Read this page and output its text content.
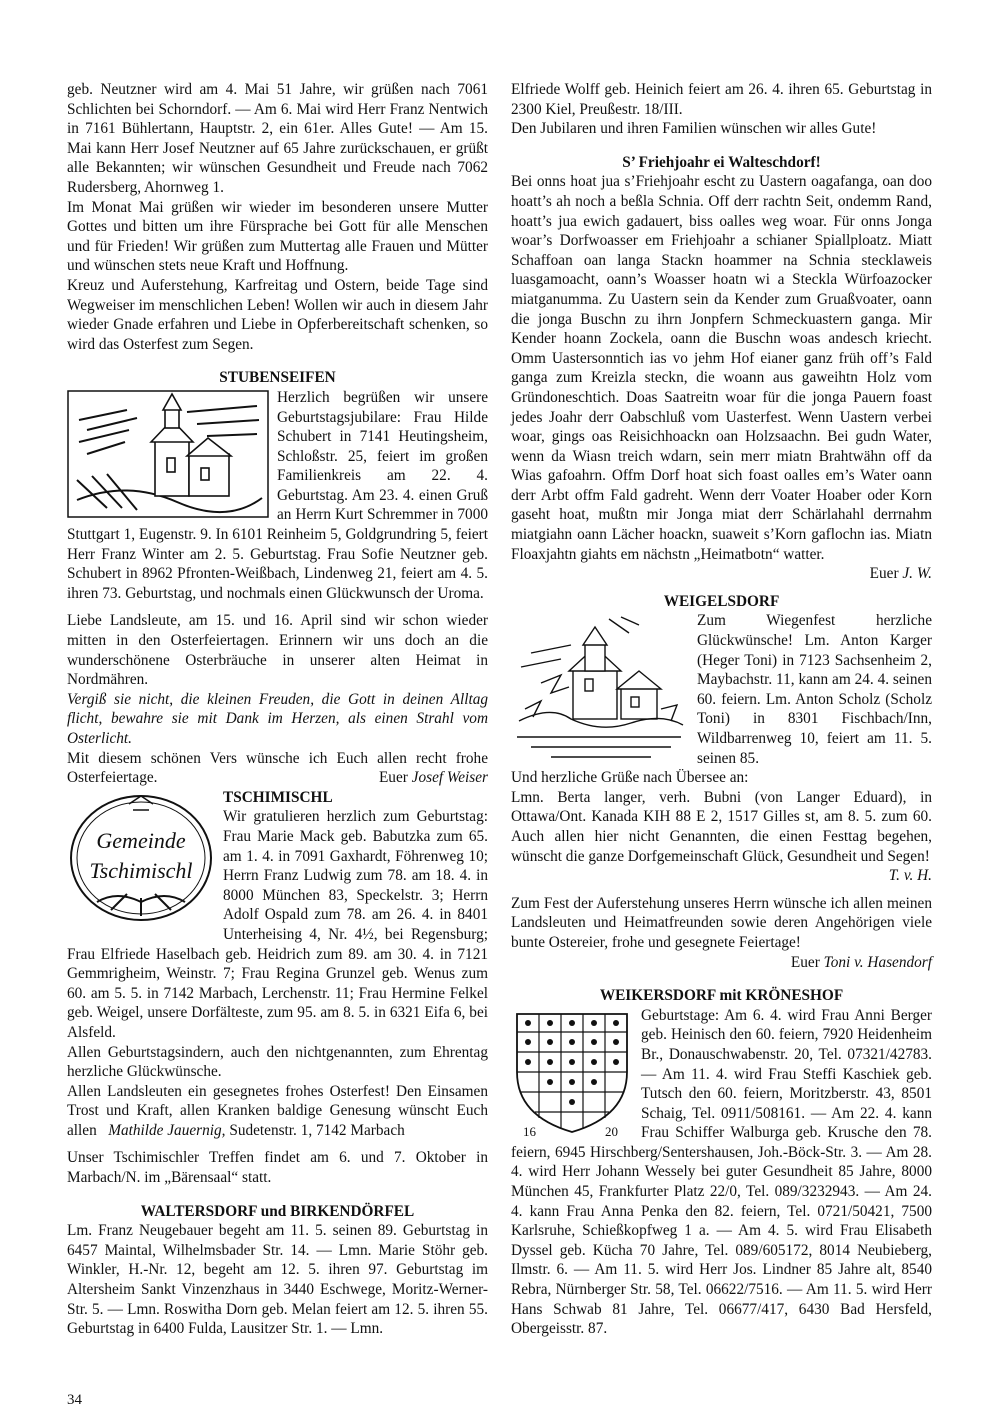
geb. Neutzner wird am 4. Mai 51 Jahre, wir grüßen nach 7061 Schlichten bei Schorndorf. — Am 6. Mai wird Herr Franz Nentwich in 7161 Bühlertann, Hauptstr. 2, ein 61er. Alles Gute! — Am 15. Mai kann Herr Josef Neutzner auf 65 Jahre zurückschauen, er grüßt alle Bekannten; wir wünschen Gesundheit und Freude nach 7062 Rudersberg, Ahornweg 1.

Im Monat Mai grüßen wir wieder im besonderen unsere Mutter Gottes und bitten um ihre Fürsprache bei Gott für alle Menschen und für Frieden! Wir grüßen zum Muttertag alle Frauen und Mütter und wünschen stets neue Kraft und Hoffnung.

Kreuz und Auferstehung, Karfreitag und Ostern, beide Tage sind Wegweiser im menschlichen Leben! Wollen wir auch in diesem Jahr wieder Gnade erfahren und Liebe in Opferbereitschaft schenken, so wird das Osterfest zum Segen.

STUBENSEIFEN

Herzlich begrüßen wir unsere Geburtstagsjubilare: Frau Hilde Schubert in 7141 Heutingsheim, Schloßstr. 25, feiert im großen Familienkreis am 22. 4. Geburtstag. Am 23. 4. einen Gruß an Herrn Kurt Schremmer in 7000 Stuttgart 1, Eugenstr. 9. In 6101 Reinheim 5, Goldgrundring 5, feiert Herr Franz Winter am 2. 5. Geburtstag. Frau Sofie Neutzner geb. Schubert in 8962 Pfronten-Weißbach, Lindenweg 21, feiert am 4. 5. ihren 73. Geburtstag, und nochmals einen Glückwunsch der Uroma.

Liebe Landsleute, am 15. und 16. April sind wir schon wieder mitten in den Osterfeiertagen. Erinnern wir uns doch an die wunderschönene Osterbräuche in unserer alten Heimat in Nordmähren.

Vergiß sie nicht, die kleinen Freuden, die Gott in deinen Alltag flicht, bewahre sie mit Dank im Herzen, als einen Strahl vom Osterlicht.

Mit diesem schönen Vers wünsche ich Euch allen recht frohe Osterfeiertage.	Euer Josef Weiser

Gemeinde
Tschimischl

TSCHIMISCHL

Wir gratulieren herzlich zum Geburtstag: Frau Marie Mack geb. Babutzka zum 65. am 1. 4. in 7091 Gaxhardt, Föhrenweg 10; Herrn Franz Ludwig zum 78. am 18. 4. in 8000 München 83, Speckelstr. 3; Herrn Adolf Ospald zum 78. am 26. 4. in 8401 Unterheising 4, Nr. 4½, bei Regensburg; Frau Elfriede Haselbach geb. Heidrich zum 89. am 30. 4. in 7121 Gemmrigheim, Weinstr. 7; Frau Regina Grunzel geb. Wenus zum 60. am 5. 5. in 7142 Marbach, Lerchenstr. 11; Frau Hermine Felkel geb. Weigel, unsere Dorfälteste, zum 95. am 8. 5. in 6321 Eifa 6, bei Alsfeld.

Allen Geburtstagsindern, auch den nichtgenannten, zum Ehrentag herzliche Glückwünsche.

Allen Landsleuten ein gesegnetes frohes Osterfest! Den Einsamen Trost und Kraft, allen Kranken baldige Genesung wünscht Euch allen Mathilde Jauernig, Sudetenstr. 1, 7142 Marbach

Unser Tschimischler Treffen findet am 6. und 7. Oktober in Marbach/N. im „Bärensaal“ statt.

WALTERSDORF und BIRKENDÖRFEL

Lm. Franz Neugebauer begeht am 11. 5. seinen 89. Geburtstag in 6457 Maintal, Wilhelmsbader Str. 14. — Lmn. Marie Stöhr geb. Winkler, H.-Nr. 12, begeht am 12. 5. ihren 97. Geburtstag im Altersheim Sankt Vinzenzhaus in 3440 Eschwege, Moritz-Werner-Str. 5. — Lmn. Roswitha Dorn geb. Melan feiert am 12. 5. ihren 55. Geburtstag in 6400 Fulda, Lausitzer Str. 1. — Lmn.

Elfriede Wolff geb. Heinich feiert am 26. 4. ihren 65. Geburtstag in 2300 Kiel, Preußestr. 18/III.

Den Jubilaren und ihren Familien wünschen wir alles Gute!

S’ Friehjoahr ei Walteschdorf!

Bei onns hoat jua s’Friehjoahr escht zu Uastern oagafanga, oan doo hoatt’s ah noch a beßla Schnia. Off derr rachtn Seit, ondemm Rand, hoatt’s jua ewich gadauert, biss oalles weg woar. Für onns Jonga woar’s Dorfwoasser em Friehjoahr a schianer Spiallploatz. Miatt Schaffoan oan langa Stackn hoammer na Schnia stecklaweis luasgamoacht, oann’s Woasser hoatn wi a Steckla Würfoazocker miatganumma. Zu Uastern sein da Kender zum Gruaßvoater, oann die jonga Buschn zu ihrn Jonpfern Schmeckuastern ganga. Mir Kender hoann Zockela, oann die Buschn woas andesch kriecht. Omm Uastersonntich ias vo jehm Hof eianer ganz früh off’s Fald ganga zum Kreizla steckn, die woann aus gaweihtn Holz vom Gründoneschtich. Doas Saatreitn woar für die jonga Pauern foast jedes Joahr derr Oabschluß vom Uasterfest. Wenn Uastern verbei woar, gings oas Reisichhoackn oan Holzsaachn. Bei gudn Water, wenn da Wiasn treich wdarn, sein merr miatn Brahtwähn off da Wias gafoahrn. Offm Dorf hoat sich foast oalles em’s Water oann derr Arbt offm Fald gadreht. Wenn derr Voater Hoaber oder Korn gaseht hoat, mußtn mir Jonga miat derr Schärlahahl derrnahm miatgiahn oann Lächer hoackn, suaweit s’Korn gaflochn ias. Miatn Floaxjahtn giahts em nächstn „Heimatbotn“ watter.

Euer J. W.

WEIGELSDORF

Zum Wiegenfest herzliche Glückwünsche! Lm. Anton Karger (Heger Toni) in 7123 Sachsenheim 2, Maybachstr. 11, kann am 24. 4. seinen 60. feiern. Lm. Anton Scholz (Scholz Toni) in 8301 Fischbach/Inn, Wildbarrenweg 10, feiert am 11. 5. seinen 85.

Und herzliche Grüße nach Übersee an:

Lmn. Berta langer, verh. Bubni (von Langer Eduard), in Ottawa/Ont. Kanada KIH 88 E 2, 1517 Gilles st, am 8. 5. zum 60. Auch allen hier nicht Genannten, die einen Festtag begehen, wünscht die ganze Dorfgemeinschaft Glück, Gesundheit und Segen!
T. v. H.

Zum Fest der Auferstehung unseres Herrn wünsche ich allen meinen Landsleuten und Heimatfreunden sowie deren Angehörigen viele bunte Ostereier, frohe und gesegnete Feiertage!

Euer Toni v. Hasendorf

WEIKERSDORF mit KRÖNESHOF

16	20

Geburtstage: Am 6. 4. wird Frau Anni Berger geb. Heinisch den 60. feiern, 7920 Heidenheim Br., Donauschwabenstr. 20, Tel. 07321/42783. — Am 11. 4. wird Frau Steffi Kaschiek geb. Tutsch den 60. feiern, Moritzberstr. 43, 8501 Schaig, Tel. 0911/508161. — Am 22. 4. kann Frau Schiffer Walburga geb. Krusche den 78. feiern, 6945 Hirschberg/Sentershausen, Joh.-Böck-Str. 3. — Am 28. 4. wird Herr Johann Wessely bei guter Gesundheit 85 Jahre, 8000 München 45, Frankfurter Platz 22/0, Tel. 089/3232943. — Am 24. 4. kann Frau Anna Penka den 82. feiern, Tel. 0721/50421, 7500 Karlsruhe, Schießkopfweg 1 a. — Am 4. 5. wird Frau Elisabeth Dyssel geb. Kücha 70 Jahre, Tel. 089/605172, 8014 Neubieberg, Ilmstr. 6. — Am 11. 5. wird Herr Jos. Lindner 85 Jahre alt, 8540 Rebra, Nürnberger Str. 58, Tel. 06622/7516. — Am 11. 5. wird Herr Hans Schwab 81 Jahre, Tel. 06677/417, 6430 Bad Hersfeld, Obergeisstr. 87.

34
